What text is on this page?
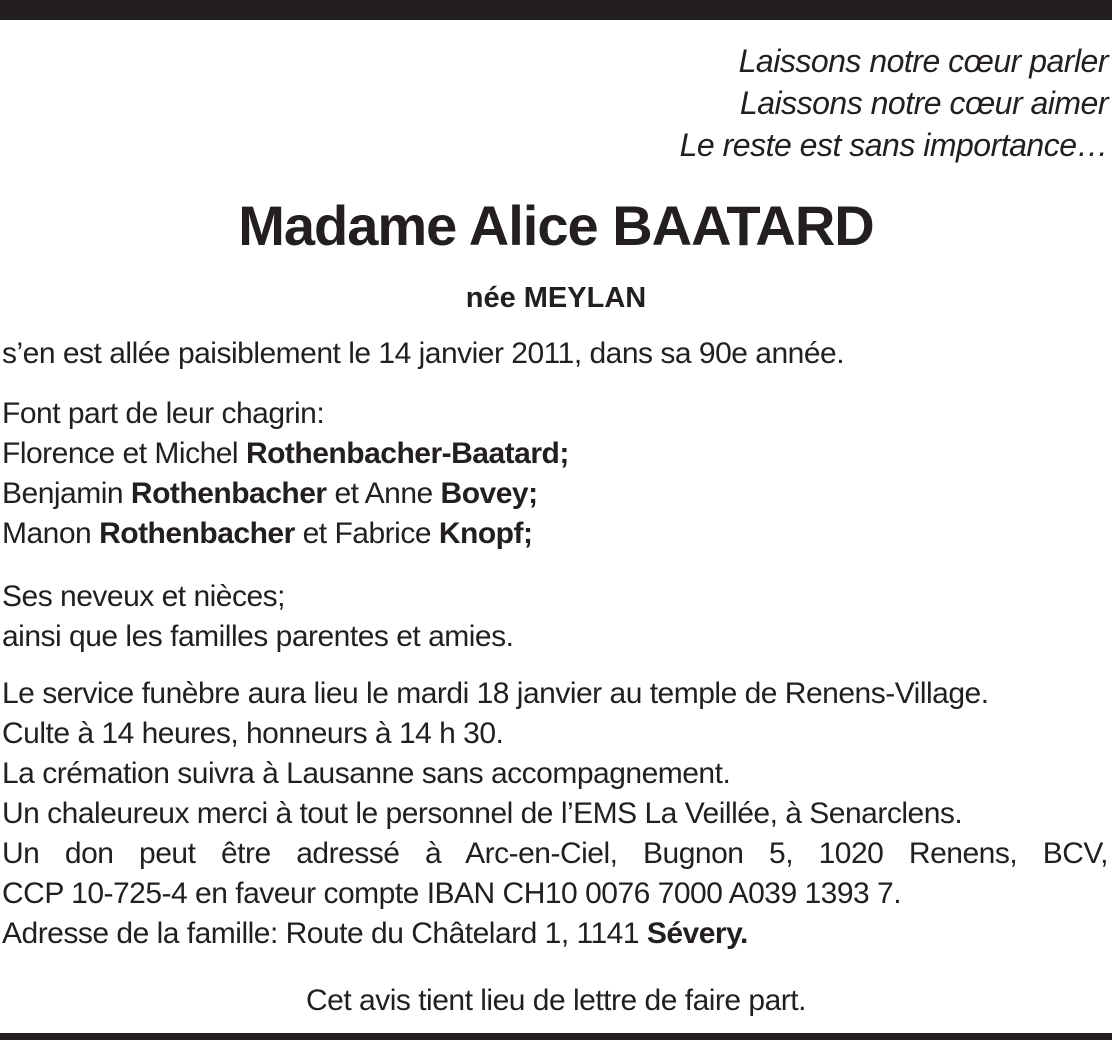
Laissons notre cœur parler
Laissons notre cœur aimer
Le reste est sans importance…
Madame Alice BAATARD
née MEYLAN
s’en est allée paisiblement le 14 janvier 2011, dans sa 90e année.
Font part de leur chagrin:
Florence et Michel Rothenbacher-Baatard;
Benjamin Rothenbacher et Anne Bovey;
Manon Rothenbacher et Fabrice Knopf;
Ses neveux et nièces;
ainsi que les familles parentes et amies.
Le service funèbre aura lieu le mardi 18 janvier au temple de Renens-Village.
Culte à 14 heures, honneurs à 14 h 30.
La crémation suivra à Lausanne sans accompagnement.
Un chaleureux merci à tout le personnel de l’EMS La Veillée, à Senarclens.
Un don peut être adressé à Arc-en-Ciel, Bugnon 5, 1020 Renens, BCV,
CCP 10-725-4 en faveur compte IBAN CH10 0076 7000 A039 1393 7.
Adresse de la famille: Route du Châtelard 1, 1141 Sévery.
Cet avis tient lieu de lettre de faire part.
